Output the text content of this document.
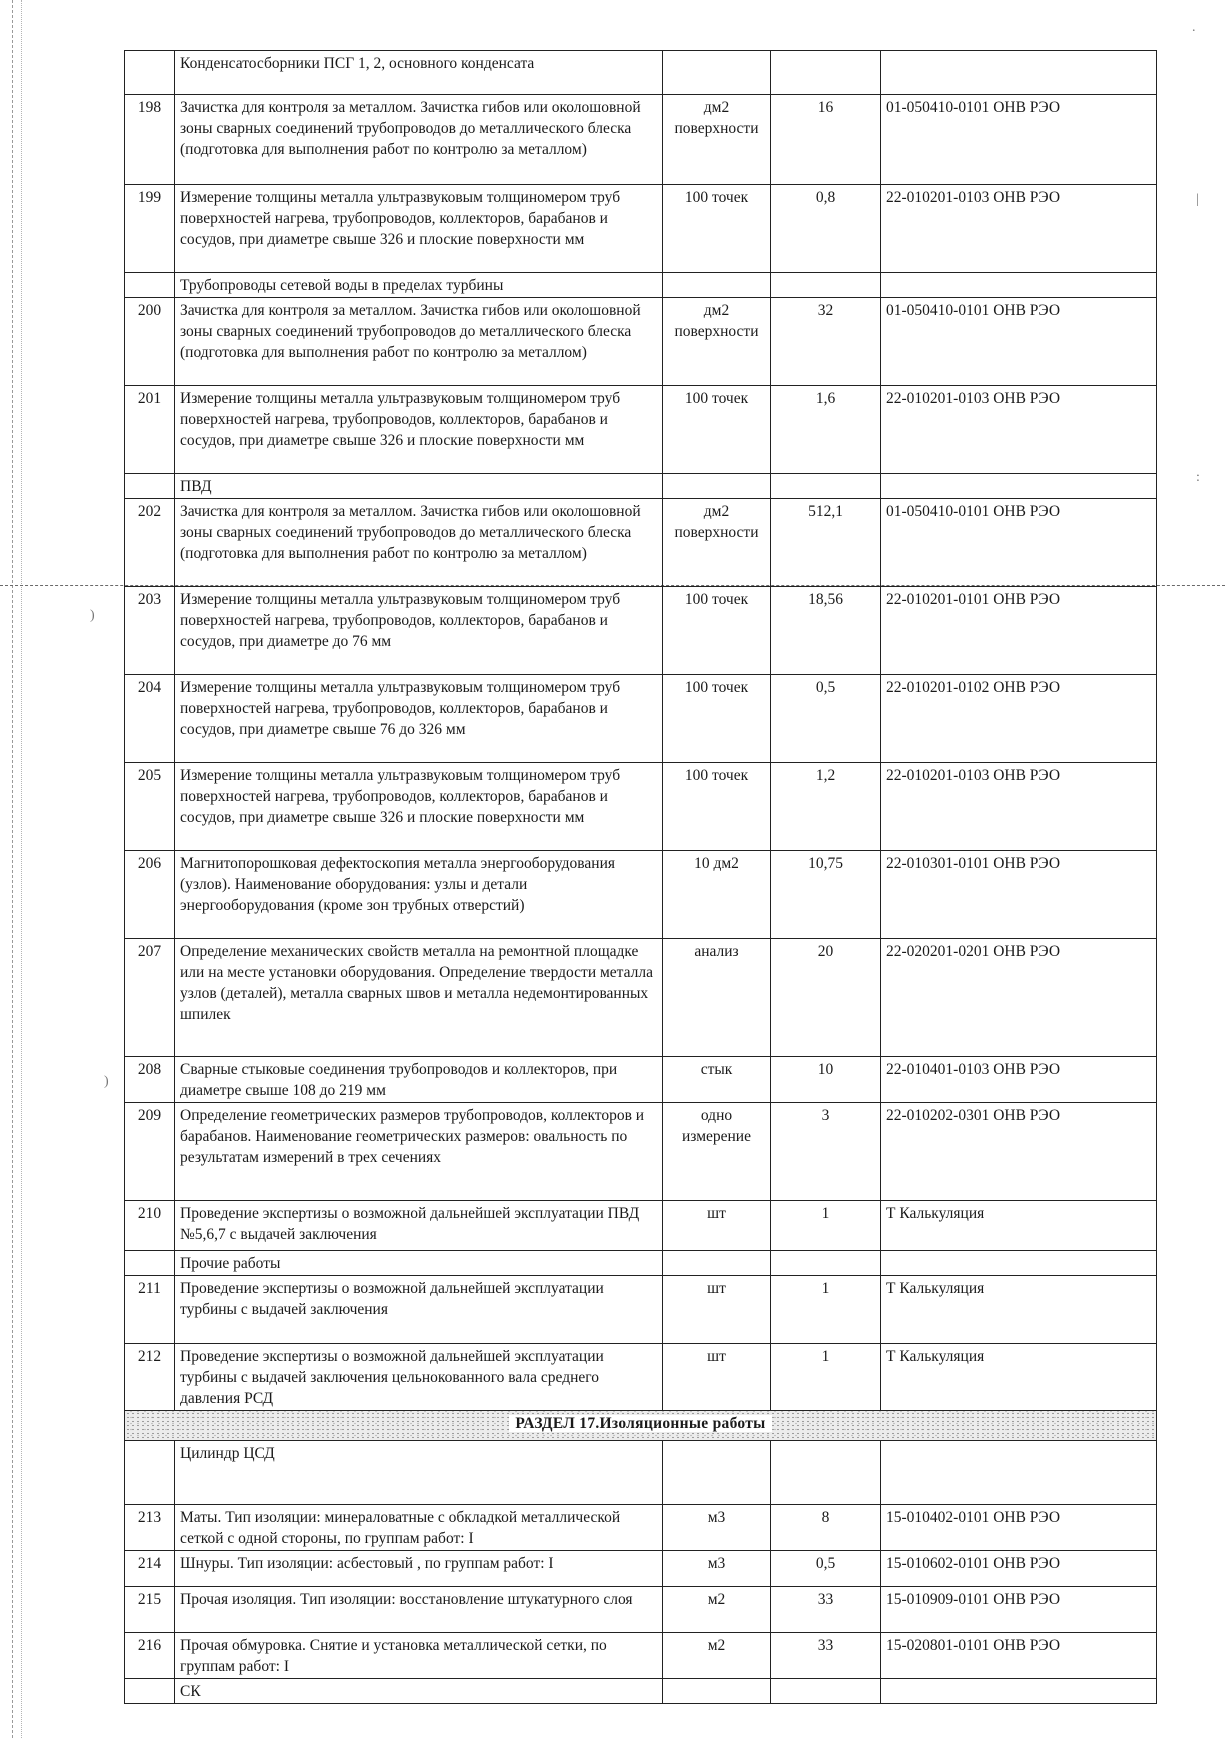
)
)
.
|
:
	Конденсатосборники ПСГ 1, 2, основного конденсата			
198	Зачистка для контроля за металлом. Зачистка гибов или околошовной зоны сварных соединений трубопроводов до металлического блеска (подготовка для выполнения работ по контролю за металлом)	дм2 поверхности	16	01-050410-0101 ОНВ РЭО
199	Измерение толщины металла ультразвуковым толщиномером труб поверхностей нагрева, трубопроводов, коллекторов, барабанов и сосудов, при диаметре свыше 326 и плоские поверхности мм	100 точек	0,8	22-010201-0103 ОНВ РЭО
	Трубопроводы сетевой воды в пределах турбины			
200	Зачистка для контроля за металлом. Зачистка гибов или околошовной зоны сварных соединений трубопроводов до металлического блеска (подготовка для выполнения работ по контролю за металлом)	дм2 поверхности	32	01-050410-0101 ОНВ РЭО
201	Измерение толщины металла ультразвуковым толщиномером труб поверхностей нагрева, трубопроводов, коллекторов, барабанов и сосудов, при диаметре свыше 326 и плоские поверхности мм	100 точек	1,6	22-010201-0103 ОНВ РЭО
	ПВД			
202	Зачистка для контроля за металлом. Зачистка гибов или околошовной зоны сварных соединений трубопроводов до металлического блеска (подготовка для выполнения работ по контролю за металлом)	дм2 поверхности	512,1	01-050410-0101 ОНВ РЭО
203	Измерение толщины металла ультразвуковым толщиномером труб поверхностей нагрева, трубопроводов, коллекторов, барабанов и сосудов, при диаметре до 76 мм	100 точек	18,56	22-010201-0101 ОНВ РЭО
204	Измерение толщины металла ультразвуковым толщиномером труб поверхностей нагрева, трубопроводов, коллекторов, барабанов и сосудов, при диаметре свыше 76 до 326 мм	100 точек	0,5	22-010201-0102 ОНВ РЭО
205	Измерение толщины металла ультразвуковым толщиномером труб поверхностей нагрева, трубопроводов, коллекторов, барабанов и сосудов, при диаметре свыше 326 и плоские поверхности мм	100 точек	1,2	22-010201-0103 ОНВ РЭО
206	Магнитопорошковая дефектоскопия металла энергооборудования (узлов). Наименование оборудования: узлы и детали энергооборудования (кроме зон трубных отверстий)	10 дм2	10,75	22-010301-0101 ОНВ РЭО
207	Определение механических свойств металла на ремонтной площадке или на месте установки оборудования. Определение твердости металла узлов (деталей), металла сварных швов и металла недемонтированных шпилек	анализ	20	22-020201-0201 ОНВ РЭО
208	Сварные стыковые соединения трубопроводов и коллекторов, при диаметре свыше 108 до 219 мм	стык	10	22-010401-0103 ОНВ РЭО
209	Определение геометрических размеров трубопроводов, коллекторов и барабанов. Наименование геометрических размеров: овальность по результатам измерений в трех сечениях	одно измерение	3	22-010202-0301 ОНВ РЭО
210	Проведение экспертизы о возможной дальнейшей эксплуатации ПВД №5,6,7 с выдачей заключения	шт	1	Т Калькуляция
	Прочие работы			
211	Проведение экспертизы о возможной дальнейшей эксплуатации турбины с выдачей заключения	шт	1	Т Калькуляция
212	Проведение экспертизы о возможной дальнейшей эксплуатации турбины с выдачей заключения цельнокованного вала среднего давления РСД	шт	1	Т Калькуляция
РАЗДЕЛ 17.Изоляционные работы				
	Цилиндр ЦСД			
213	Маты. Тип изоляции: минераловатные с обкладкой металлической сеткой с одной стороны, по группам работ: I	м3	8	15-010402-0101 ОНВ РЭО
214	Шнуры. Тип изоляции: асбестовый , по группам работ: I	м3	0,5	15-010602-0101 ОНВ РЭО
215	Прочая изоляция. Тип изоляции: восстановление штукатурного слоя	м2	33	15-010909-0101 ОНВ РЭО
216	Прочая обмуровка. Снятие и установка металлической сетки, по группам работ: I	м2	33	15-020801-0101 ОНВ РЭО
	СК			
